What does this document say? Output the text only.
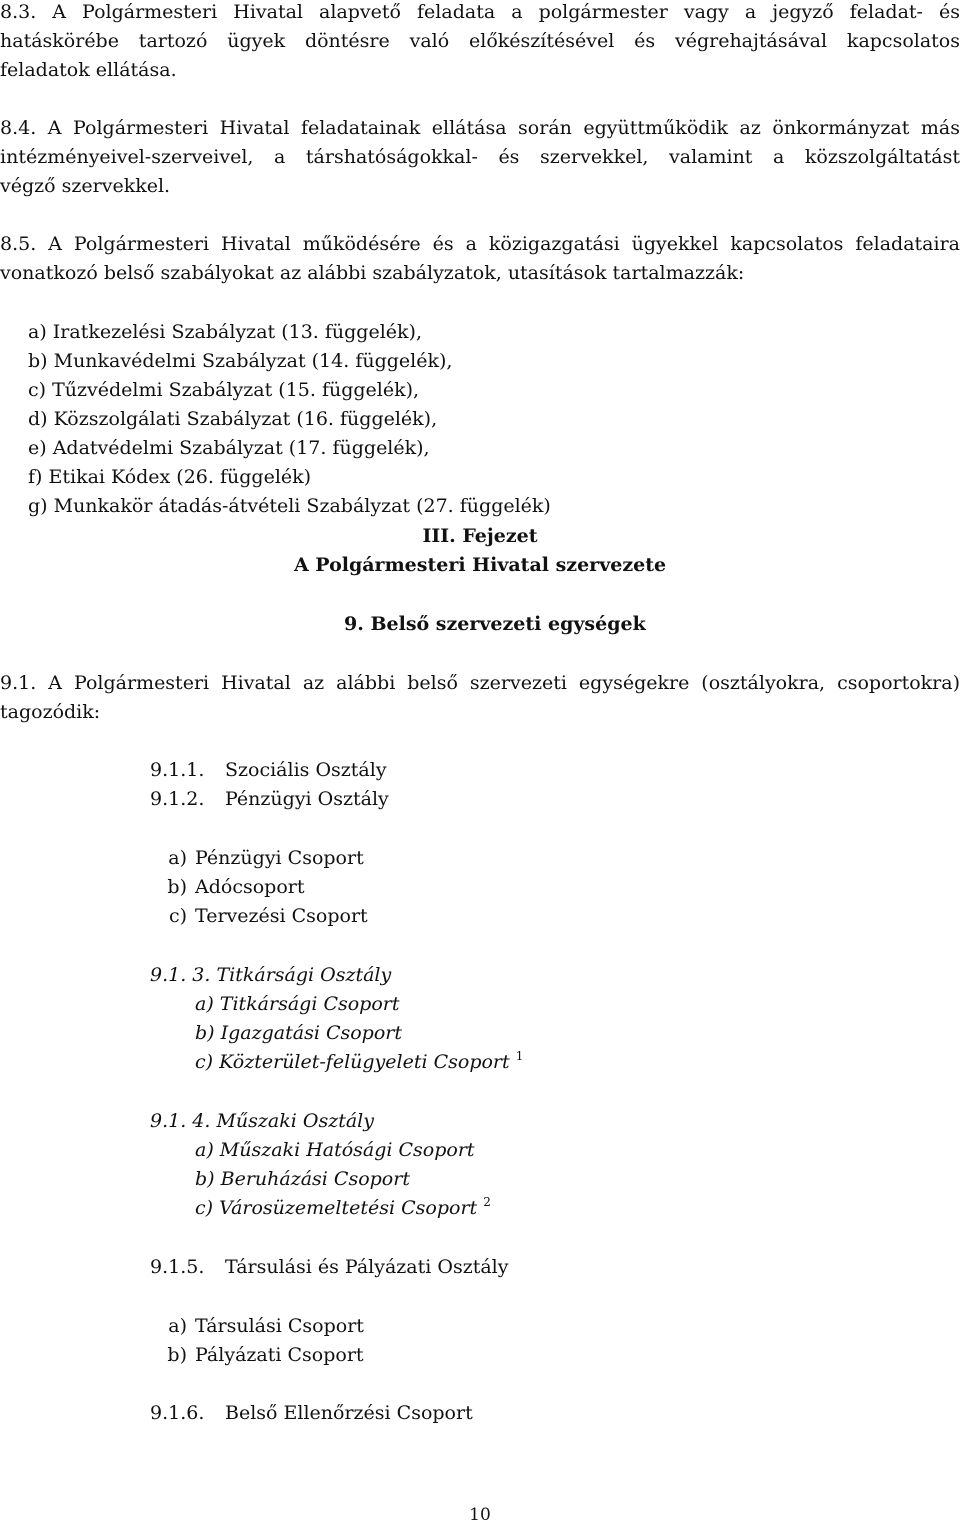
8.3. A Polgármesteri Hivatal alapvető feladata a polgármester vagy a jegyző feladat- és
hatáskörébe tartozó ügyek döntésre való előkészítésével és végrehajtásával kapcsolatos
feladatok ellátása.
8.4. A Polgármesteri Hivatal feladatainak ellátása során együttműködik az önkormányzat más
intézményeivel-szerveivel, a társhatóságokkal- és szervekkel, valamint a közszolgáltatást
végző szervekkel.
8.5. A Polgármesteri Hivatal működésére és a közigazgatási ügyekkel kapcsolatos feladataira
vonatkozó belső szabályokat az alábbi szabályzatok, utasítások tartalmazzák:
a) Iratkezelési Szabályzat (13. függelék),
b) Munkavédelmi Szabályzat (14. függelék),
c) Tűzvédelmi Szabályzat (15. függelék),
d) Közszolgálati Szabályzat (16. függelék),
e) Adatvédelmi Szabályzat (17. függelék),
f) Etikai Kódex (26. függelék)
g) Munkakör átadás-átvételi Szabályzat (27. függelék)
III. Fejezet
A Polgármesteri Hivatal szervezete
9. Belső szervezeti egységek
9.1. A Polgármesteri Hivatal az alábbi belső szervezeti egységekre (osztályokra, csoportokra)
tagozódik:
9.1.1. Szociális Osztály
9.1.2. Pénzügyi Osztály
a) Pénzügyi Csoport
b) Adócsoport
c) Tervezési Csoport
9.1. 3. Titkársági Osztály
a) Titkársági Csoport
b) Igazgatási Csoport
c) Közterület-felügyeleti Csoport $^1$
9.1. 4. Műszaki Osztály
a) Műszaki Hatósági Csoport
b) Beruházási Csoport
c) Városüzemeltetési Csoport $^2$
9.1.5. Társulási és Pályázati Osztály
a) Társulási Csoport
b) Pályázati Csoport
9.1.6. Belső Ellenőrzési Csoport
10
